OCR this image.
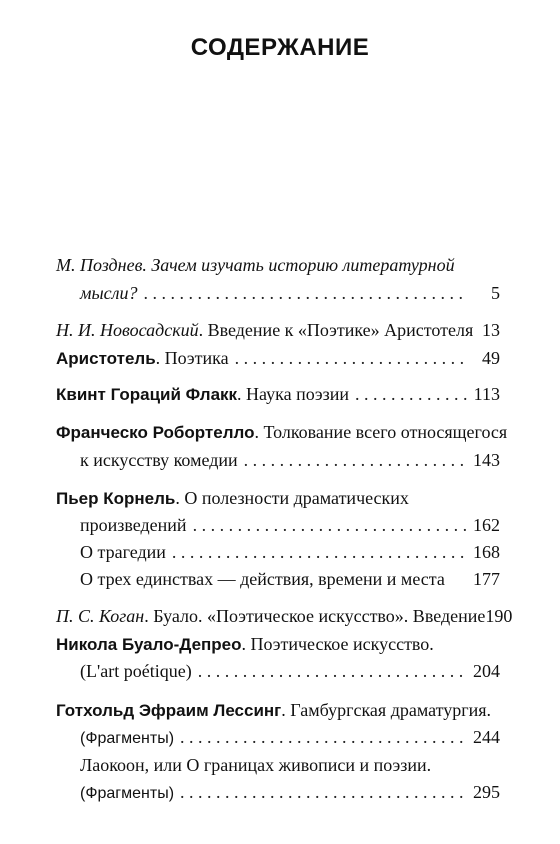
СОДЕРЖАНИЕ
М. Позднев. Зачем изучать историю литературной
мысли? . . .	5
Н. И. Новосадский. Введение к «Поэтике» Аристотеля 13
Аристотель. Поэтика . . .	49
Квинт Гораций Флакк. Наука поэзии . . .	113
Франческо Робортелло. Толкование всего относящегося
к искусству комедии . . .	143
Пьер Корнель. О полезности драматических
произведений . . .	162
О трагедии . . .	168
О трех единствах — действия, времени и места 177
П. С. Коган. Буало. «Поэтическое искусство». Введение 190
Никола Буало-Депрео. Поэтическое искусство.
(L'art poétique) . . .	204
Готхольд Эфраим Лессинг. Гамбургская драматургия.
(Фрагменты) . . .	244
Лаокоон, или О границах живописи и поэзии.
(Фрагменты) . . .	295
